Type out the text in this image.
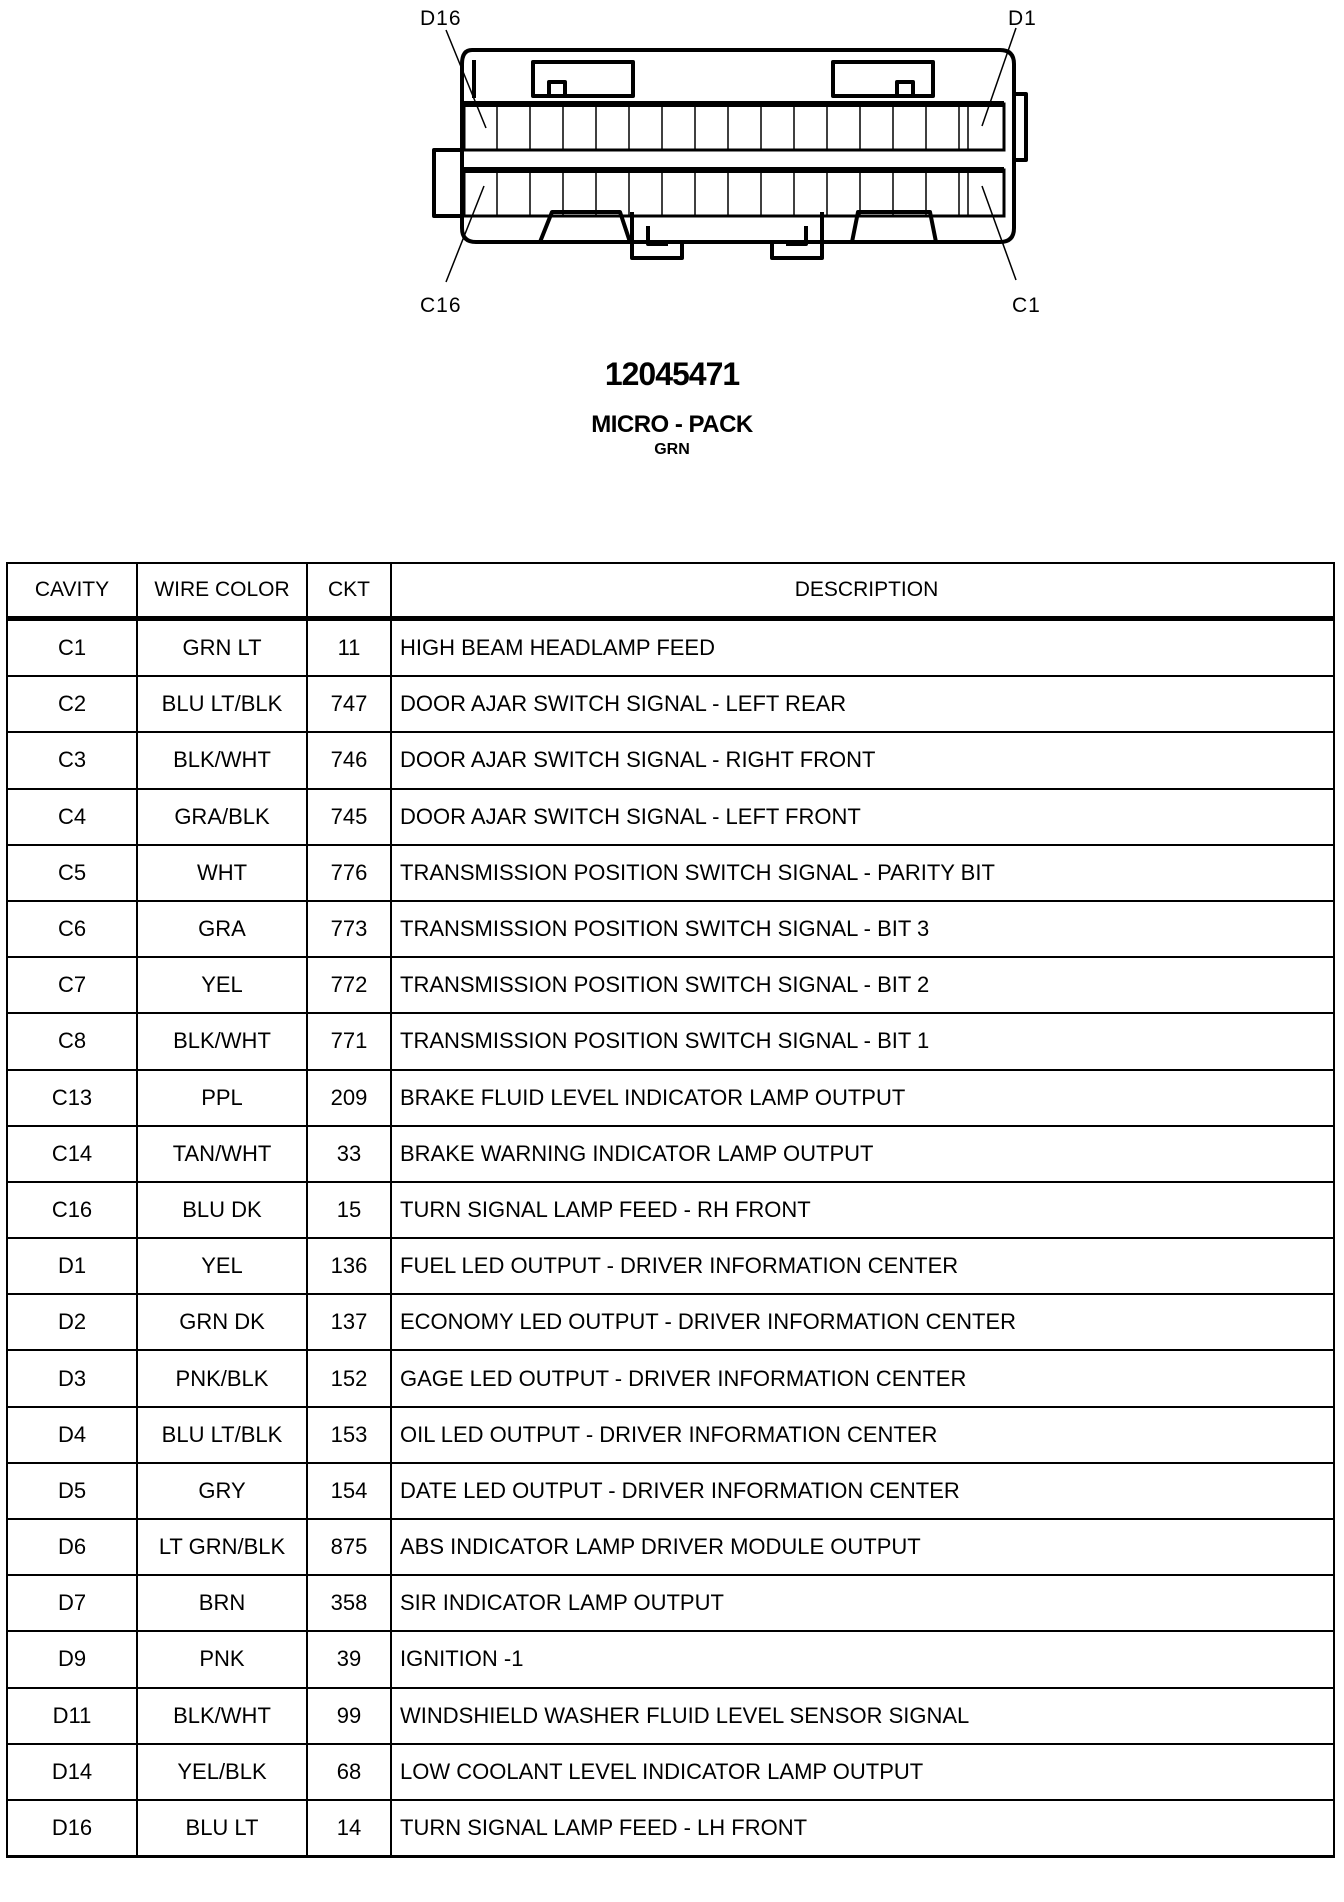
D16	D1
C16	C1
12045471
MICRO - PACK
GRN
CAVITY	WIRE COLOR	CKT	DESCRIPTION
C1	GRN LT	11	HIGH BEAM HEADLAMP FEED
C2	BLU LT/BLK	747	DOOR AJAR SWITCH SIGNAL - LEFT REAR
C3	BLK/WHT	746	DOOR AJAR SWITCH SIGNAL - RIGHT FRONT
C4	GRA/BLK	745	DOOR AJAR SWITCH SIGNAL - LEFT FRONT
C5	WHT	776	TRANSMISSION POSITION SWITCH SIGNAL - PARITY BIT
C6	GRA	773	TRANSMISSION POSITION SWITCH SIGNAL - BIT 3
C7	YEL	772	TRANSMISSION POSITION SWITCH SIGNAL - BIT 2
C8	BLK/WHT	771	TRANSMISSION POSITION SWITCH SIGNAL - BIT 1
C13	PPL	209	BRAKE FLUID LEVEL INDICATOR LAMP OUTPUT
C14	TAN/WHT	33	BRAKE WARNING INDICATOR LAMP OUTPUT
C16	BLU DK	15	TURN SIGNAL LAMP FEED - RH FRONT
D1	YEL	136	FUEL LED OUTPUT - DRIVER INFORMATION CENTER
D2	GRN DK	137	ECONOMY LED OUTPUT - DRIVER INFORMATION CENTER
D3	PNK/BLK	152	GAGE LED OUTPUT - DRIVER INFORMATION CENTER
D4	BLU LT/BLK	153	OIL LED OUTPUT - DRIVER INFORMATION CENTER
D5	GRY	154	DATE LED OUTPUT - DRIVER INFORMATION CENTER
D6	LT GRN/BLK	875	ABS INDICATOR LAMP DRIVER MODULE OUTPUT
D7	BRN	358	SIR INDICATOR LAMP OUTPUT
D9	PNK	39	IGNITION -1
D11	BLK/WHT	99	WINDSHIELD WASHER FLUID LEVEL SENSOR SIGNAL
D14	YEL/BLK	68	LOW COOLANT LEVEL INDICATOR LAMP OUTPUT
D16	BLU LT	14	TURN SIGNAL LAMP FEED - LH FRONT
